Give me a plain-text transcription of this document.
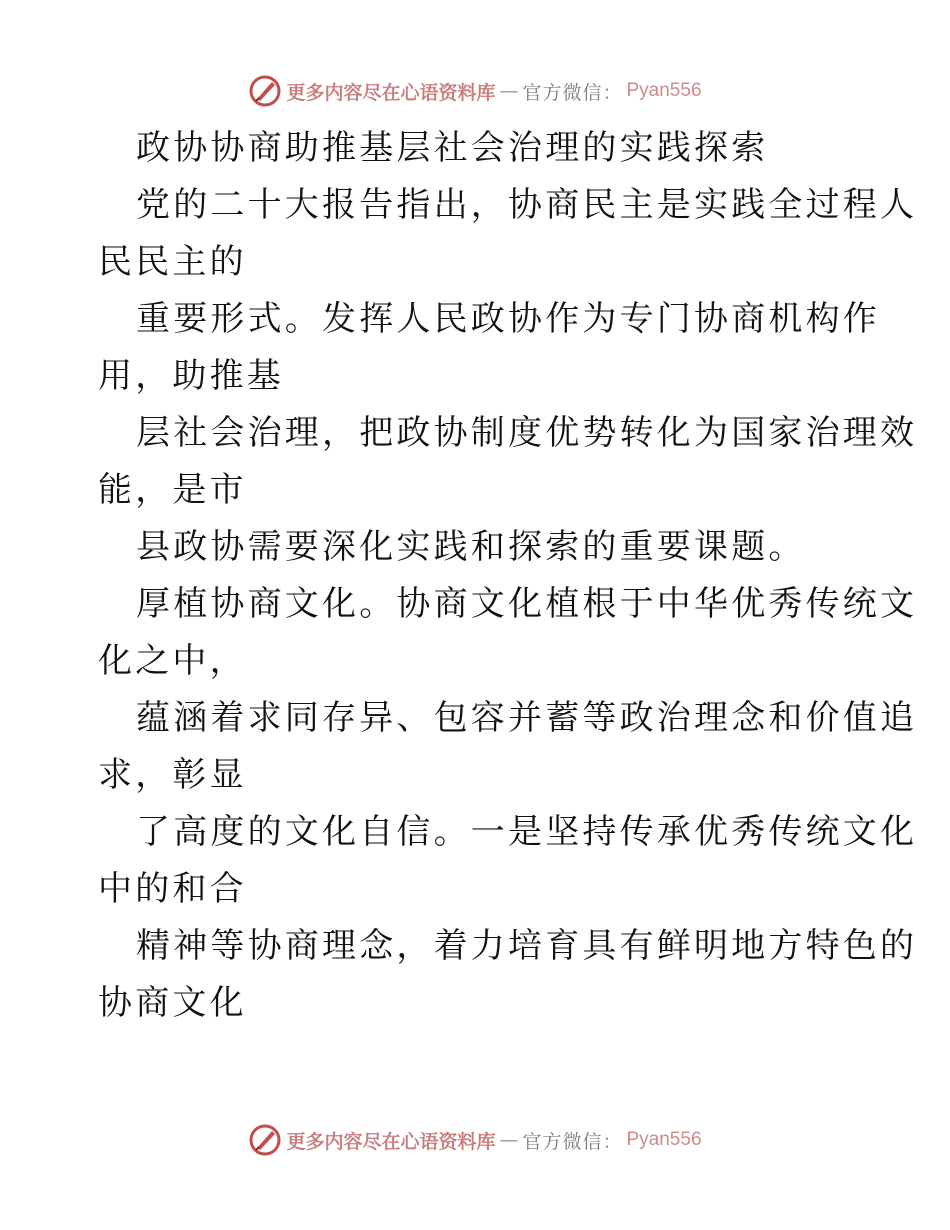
更多内容尽在心语资料库 — 官方微信： Pyan556
政协协商助推基层社会治理的实践探索
党的二十大报告指出，协商民主是实践全过程人
民民主的
重要形式。发挥人民政协作为专门协商机构作
用，助推基
层社会治理，把政协制度优势转化为国家治理效
能，是市
县政协需要深化实践和探索的重要课题。
厚植协商文化。协商文化植根于中华优秀传统文
化之中，
蕴涵着求同存异、包容并蓄等政治理念和价值追
求，彰显
了高度的文化自信。一是坚持传承优秀传统文化
中的和合
精神等协商理念，着力培育具有鲜明地方特色的
协商文化
更多内容尽在心语资料库 — 官方微信： Pyan556
